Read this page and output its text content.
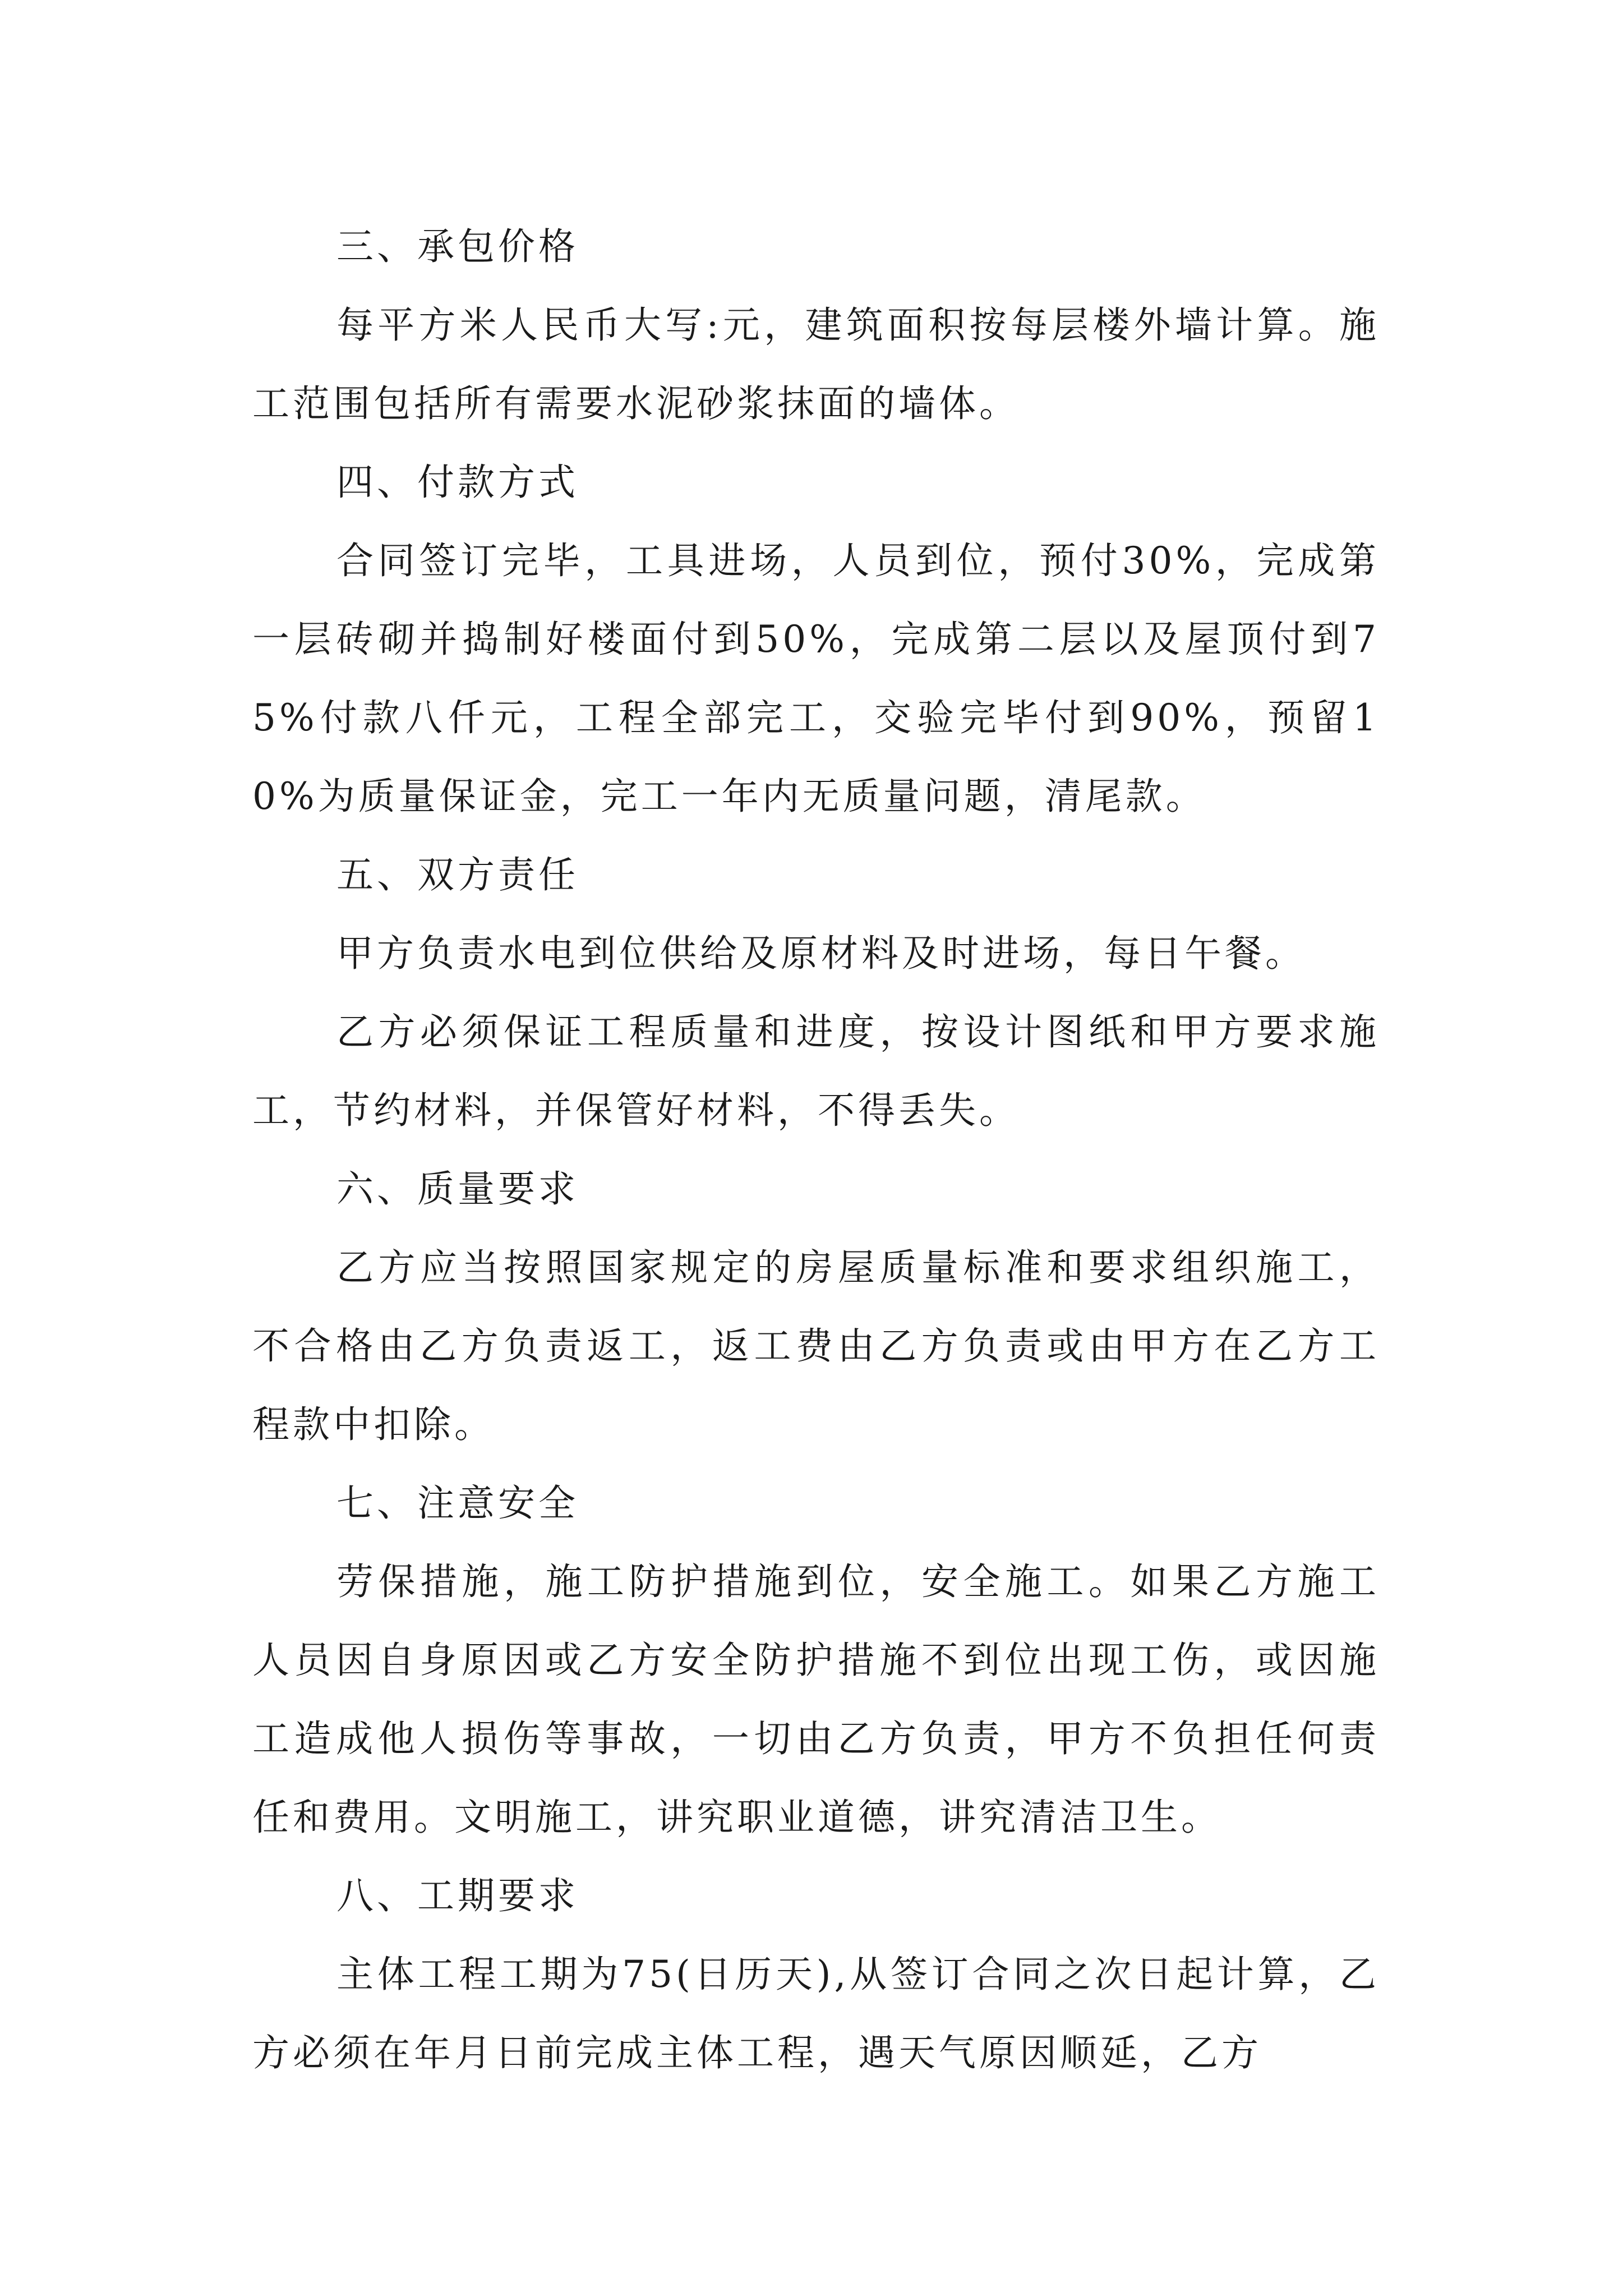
三、承包价格

每平方米人民币大写:元，建筑面积按每层楼外墙计算。施工范围包括所有需要水泥砂浆抹面的墙体。

四、付款方式

合同签订完毕，工具进场，人员到位，预付30%，完成第一层砖砌并捣制好楼面付到50%，完成第二层以及屋顶付到75%付款八仟元，工程全部完工，交验完毕付到90%，预留10%为质量保证金，完工一年内无质量问题，清尾款。

五、双方责任

甲方负责水电到位供给及原材料及时进场，每日午餐。

乙方必须保证工程质量和进度，按设计图纸和甲方要求施工，节约材料，并保管好材料，不得丢失。

六、质量要求

乙方应当按照国家规定的房屋质量标准和要求组织施工，不合格由乙方负责返工，返工费由乙方负责或由甲方在乙方工程款中扣除。

七、注意安全

劳保措施，施工防护措施到位，安全施工。如果乙方施工人员因自身原因或乙方安全防护措施不到位出现工伤，或因施工造成他人损伤等事故，一切由乙方负责，甲方不负担任何责任和费用。文明施工，讲究职业道德，讲究清洁卫生。

八、工期要求

主体工程工期为75(日历天),从签订合同之次日起计算，乙方必须在年月日前完成主体工程，遇天气原因顺延，乙方
